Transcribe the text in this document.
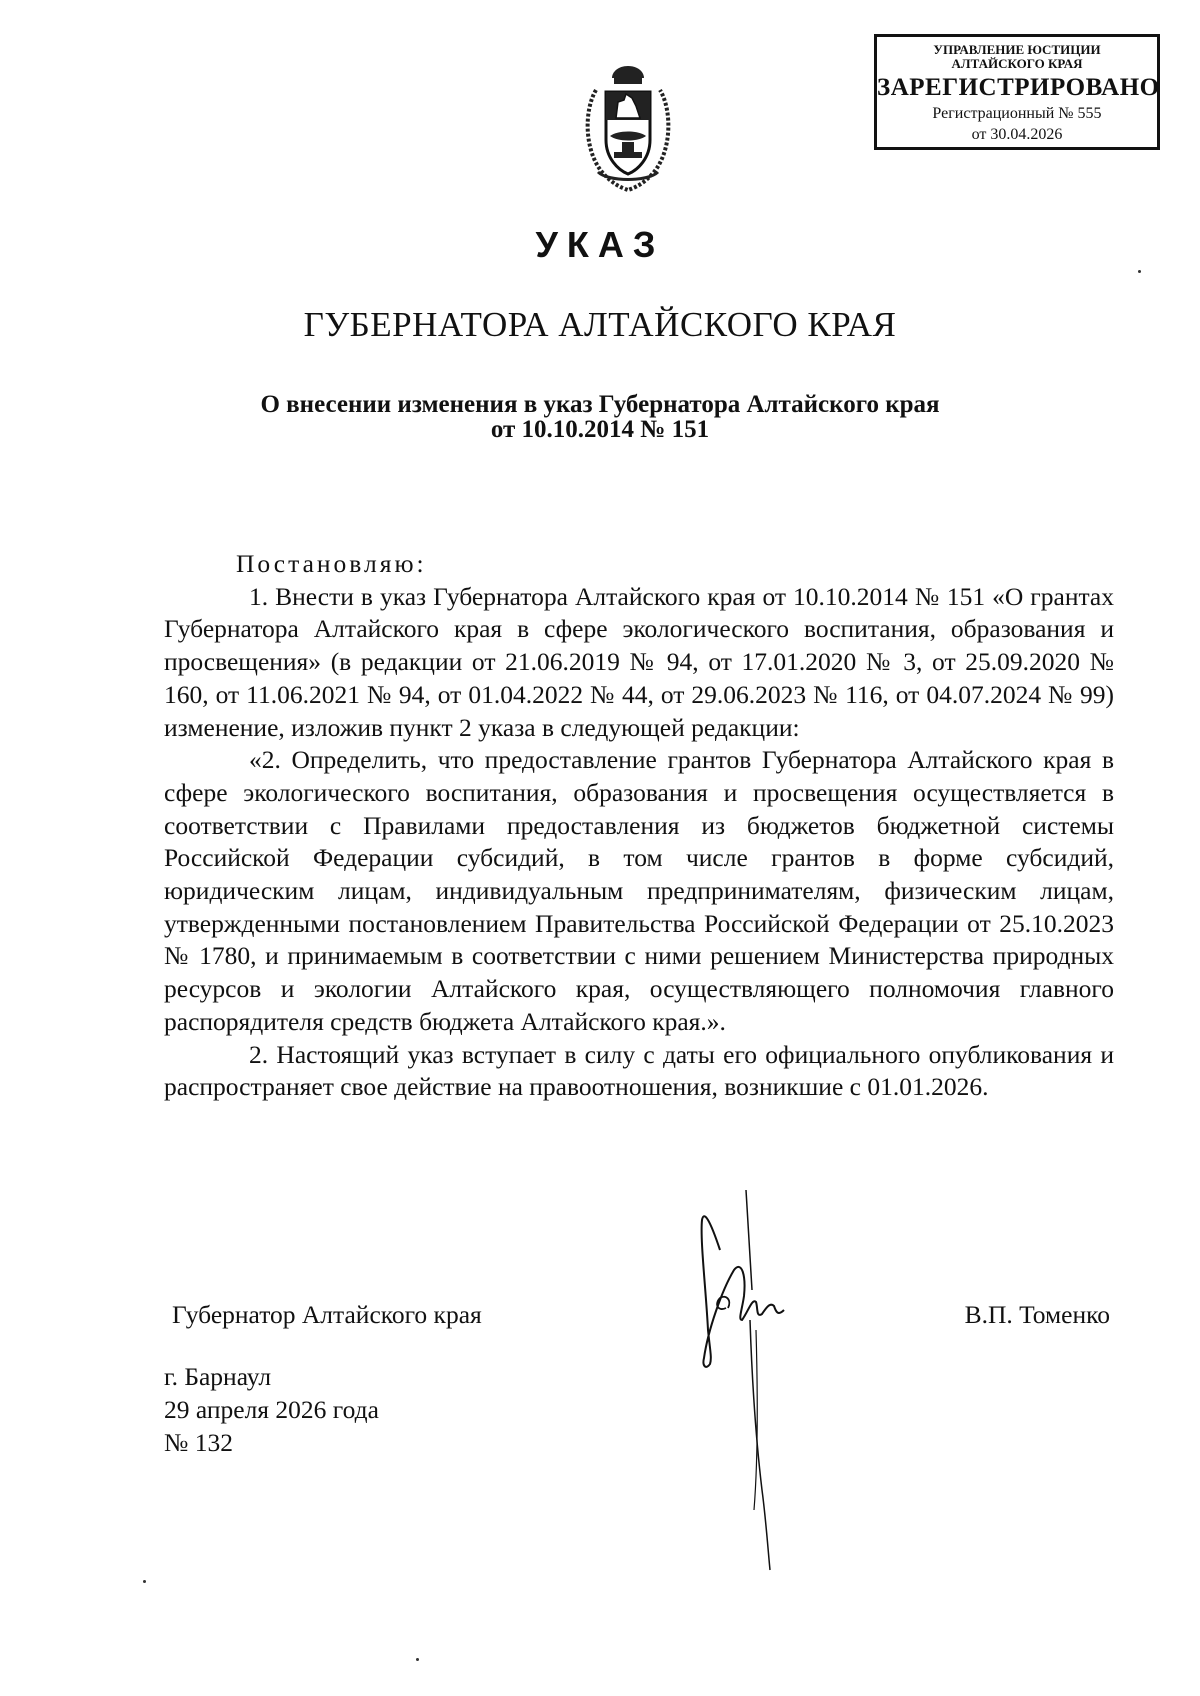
УПРАВЛЕНИЕ ЮСТИЦИИ
АЛТАЙСКОГО КРАЯ
ЗАРЕГИСТРИРОВАНО
Регистрационный № 555
от 30.04.2026
УКАЗ
ГУБЕРНАТОРА АЛТАЙСКОГО КРАЯ
О внесении изменения в указ Губернатора Алтайского края
от 10.10.2014 № 151
Постановляю:

1. Внести в указ Губернатора Алтайского края от 10.10.2014 № 151 «О грантах Губернатора Алтайского края в сфере экологического воспитания, образования и просвещения» (в редакции от 21.06.2019 № 94, от 17.01.2020 № 3, от 25.09.2020 № 160, от 11.06.2021 № 94, от 01.04.2022 № 44, от 29.06.2023 № 116, от 04.07.2024 № 99) изменение, изложив пункт 2 указа в следующей редакции:

«2. Определить, что предоставление грантов Губернатора Алтайского края в сфере экологического воспитания, образования и просвещения осуществляется в соответствии с Правилами предоставления из бюджетов бюджетной системы Российской Федерации субсидий, в том числе грантов в форме субсидий, юридическим лицам, индивидуальным предпринимателям, физическим лицам, утвержденными постановлением Правительства Российской Федерации от 25.10.2023 № 1780, и принимаемым в соответствии с ними решением Министерства природных ресурсов и экологии Алтайского края, осуществляющего полномочия главного распорядителя средств бюджета Алтайского края.».

2. Настоящий указ вступает в силу с даты его официального опубликования и распространяет свое действие на правоотношения, возникшие с 01.01.2026.

Губернатор Алтайского края	В.П. Томенко
г. Барнаул
29 апреля 2026 года
№ 132
